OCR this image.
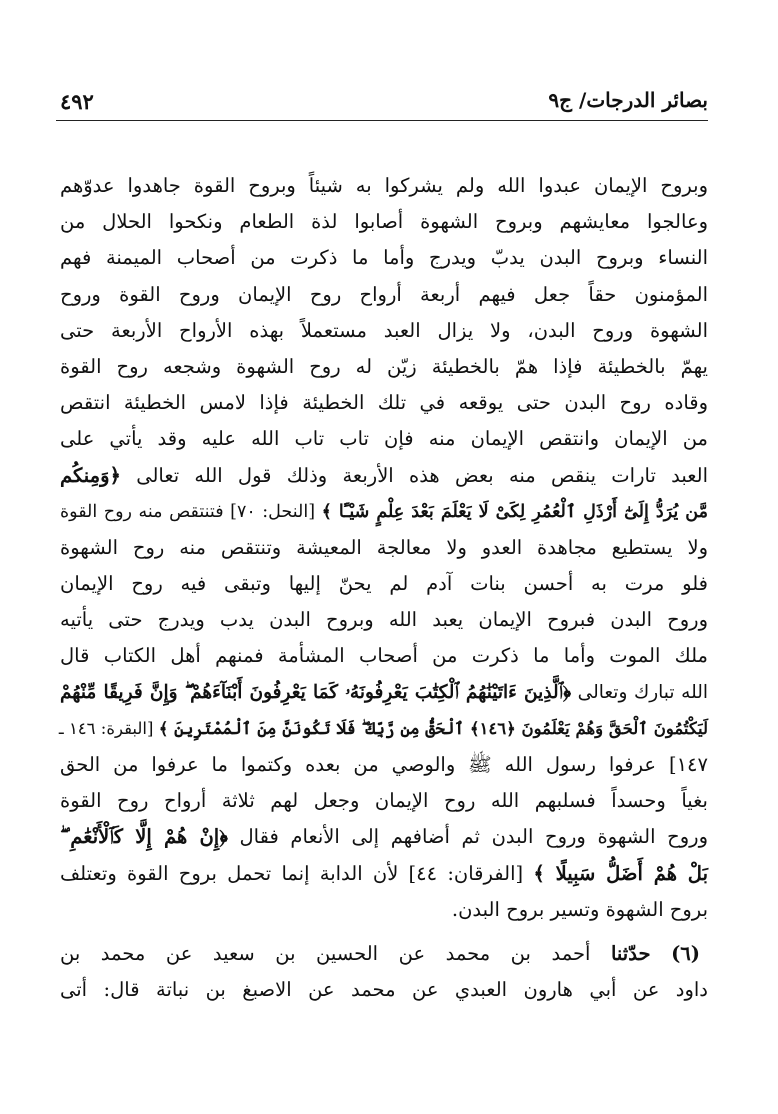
بصائر الدرجات/ ج٩
٤٩٢
وبروح الإيمان عبدوا الله ولم يشركوا به شيئاً وبروح القوة جاهدوا عدوّهم
وعالجوا معايشهم وبروح الشهوة أصابوا لذة الطعام ونكحوا الحلال من
النساء وبروح البدن يدبّ ويدرج وأما ما ذكرت من أصحاب الميمنة فهم
المؤمنون حقاً جعل فيهم أربعة أرواح روح الإيمان وروح القوة وروح
الشهوة وروح البدن، ولا يزال العبد مستعملاً بهذه الأرواح الأربعة حتى
يهمّ بالخطيئة فإذا همّ بالخطيئة زيّن له روح الشهوة وشجعه روح القوة
وقاده روح البدن حتى يوقعه في تلك الخطيئة فإذا لامس الخطيئة انتقص
من الإيمان وانتقص الإيمان منه فإن تاب تاب الله عليه وقد يأتي على
العبد تارات ينقص منه بعض هذه الأربعة وذلك قول الله تعالى ﴿وَمِنكُم
مَّن يُرَدُّ إِلَىٰٓ أَرْذَلِ ٱلْعُمُرِ لِكَىْ لَا يَعْلَمَ بَعْدَ عِلْمٍ شَيْـًٔا ﴾ [النحل: ٧٠] فتنتقص منه روح القوة
ولا يستطيع مجاهدة العدو ولا معالجة المعيشة وتنتقص منه روح الشهوة
فلو مرت به أحسن بنات آدم لم يحنّ إليها وتبقى فيه روح الإيمان
وروح البدن فبروح الإيمان يعبد الله وبروح البدن يدب ويدرج حتى يأتيه
ملك الموت وأما ما ذكرت من أصحاب المشأمة فمنهم أهل الكتاب قال
الله تبارك وتعالى ﴿ٱلَّذِينَ ءَاتَيْنَٰهُمُ ٱلْكِتَٰبَ يَعْرِفُونَهُۥ كَمَا يَعْرِفُونَ أَبْنَآءَهُمْ ۖ وَإِنَّ فَرِيقًا مِّنْهُمْ
لَيَكْتُمُونَ ٱلْحَقَّ وَهُمْ يَعْلَمُونَ ﴿١٤٦﴾ ٱلْحَقُّ مِن رَّبِّكَ ۖ فَلَا تَكُونَنَّ مِنَ ٱلْمُمْتَرِينَ ﴾ [البقرة: ١٤٦ ـ
١٤٧] عرفوا رسول الله ﷺ والوصي من بعده وكتموا ما عرفوا من الحق
بغياً وحسداً فسلبهم الله روح الإيمان وجعل لهم ثلاثة أرواح روح القوة
وروح الشهوة وروح البدن ثم أضافهم إلى الأنعام فقال ﴿إِنْ هُمْ إِلَّا كَٱلْأَنْعَٰمِ ۖ
بَلْ هُمْ أَضَلُّ سَبِيلًا ﴾ [الفرقان: ٤٤] لأن الدابة إنما تحمل بروح القوة وتعتلف
بروح الشهوة وتسير بروح البدن.
(٦) حدّثنا أحمد بن محمد عن الحسين بن سعيد عن محمد بن
داود عن أبي هارون العبدي عن محمد عن الاصبغ بن نباتة قال: أتى
